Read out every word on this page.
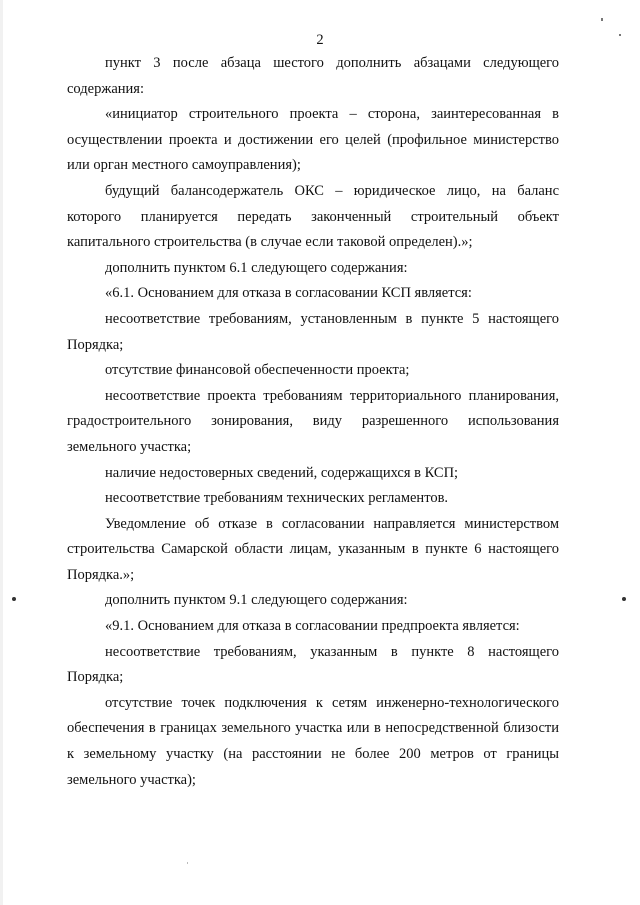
2

пункт 3 после абзаца шестого дополнить абзацами следующего содержания:

«инициатор строительного проекта – сторона, заинтересованная в осуществлении проекта и достижении его целей (профильное министерство или орган местного самоуправления);

будущий балансодержатель ОКС – юридическое лицо, на баланс которого планируется передать законченный строительный объект капитального строительства (в случае если таковой определен).»;

дополнить пунктом 6.1 следующего содержания:

«6.1. Основанием для отказа в согласовании КСП является:

несоответствие требованиям, установленным в пункте 5 настоящего Порядка;

отсутствие финансовой обеспеченности проекта;

несоответствие проекта требованиям территориального планирования, градостроительного зонирования, виду разрешенного использования земельного участка;

наличие недостоверных сведений, содержащихся в КСП;

несоответствие требованиям технических регламентов.

Уведомление об отказе в согласовании направляется министерством строительства Самарской области лицам, указанным в пункте 6 настоящего Порядка.»;

дополнить пунктом 9.1 следующего содержания:

«9.1. Основанием для отказа в согласовании предпроекта является:

несоответствие требованиям, указанным в пункте 8 настоящего Порядка;

отсутствие точек подключения к сетям инженерно-технологического обеспечения в границах земельного участка или в непосредственной близости к земельному участку (на расстоянии не более 200 метров от границы земельного участка);
